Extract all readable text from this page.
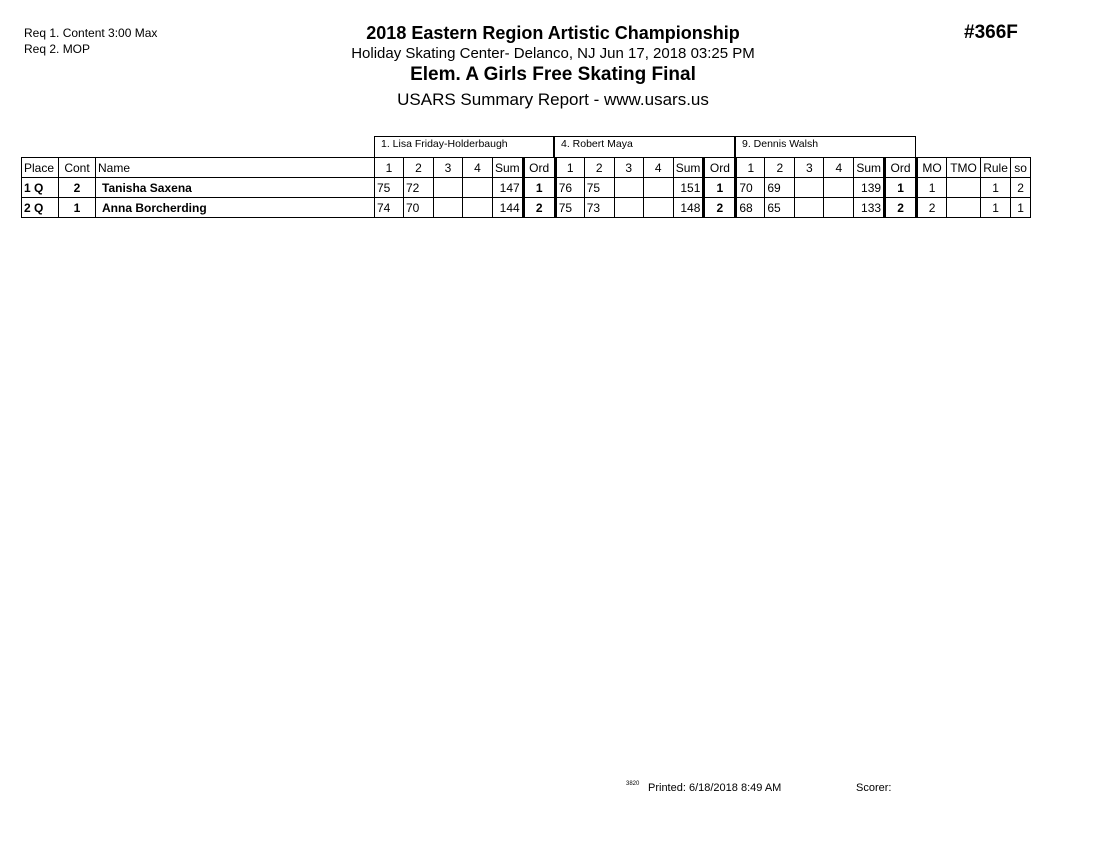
Req 1. Content 3:00 Max
Req 2. MOP
#366F
2018 Eastern Region Artistic Championship
Holiday Skating Center- Delanco, NJ Jun 17, 2018 03:25 PM
Elem. A Girls Free Skating Final
USARS Summary Report - www.usars.us
1. Lisa Friday-Holderbaugh	4. Robert Maya	9. Dennis Walsh
Place	Cont	Name	1	2	3	4	Sum	Ord	1	2	3	4	Sum	Ord	1	2	3	4	Sum	Ord	MO	TMO	Rule	so
1 Q	2	Tanisha Saxena	75	72			147	1	76	75			151	1	70	69			139	1	1		1	2
2 Q	1	Anna Borcherding	74	70			144	2	75	73			148	2	68	65			133	2	2		1	1
3820 Printed: 6/18/2018 8:49 AM	Scorer:
